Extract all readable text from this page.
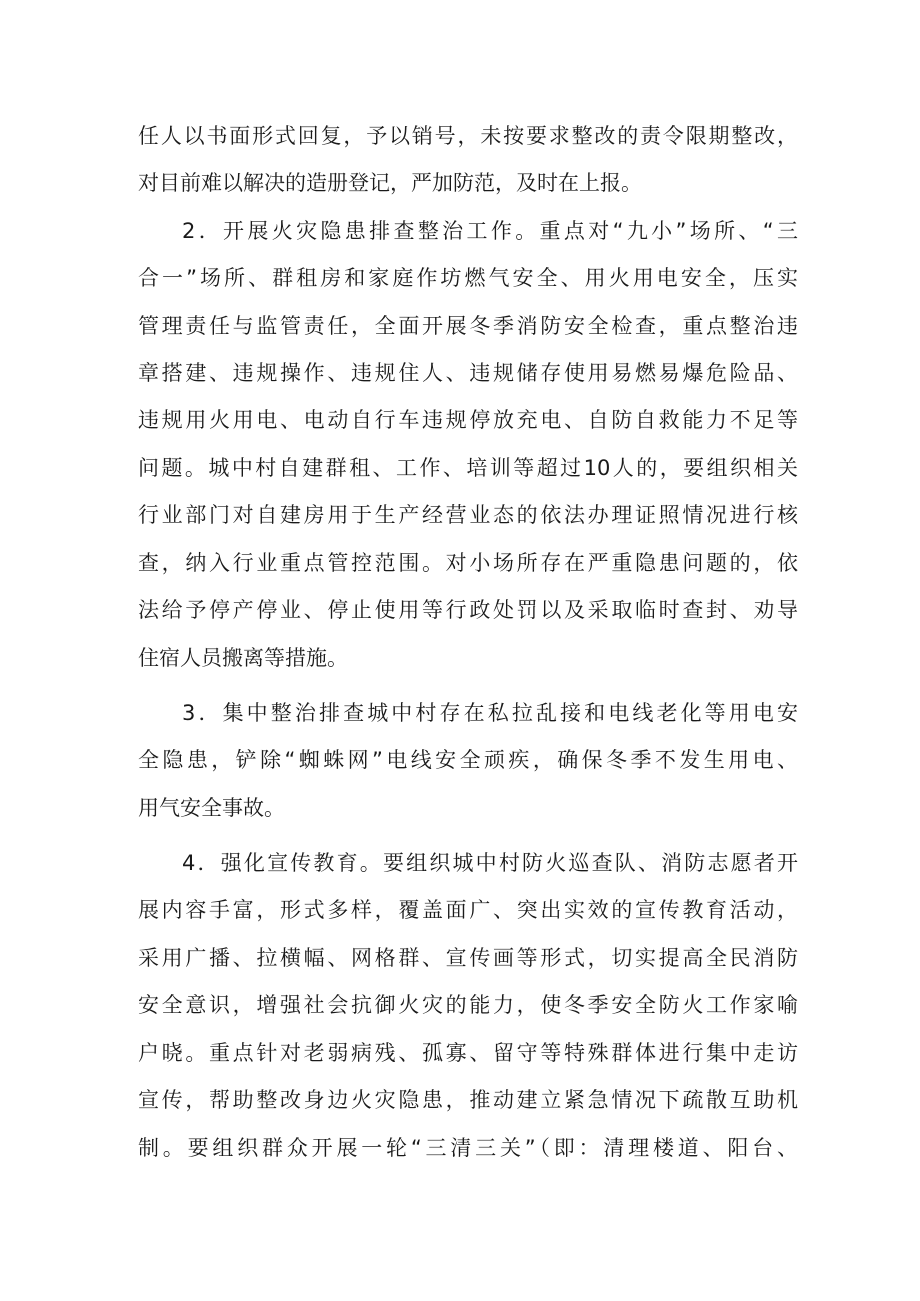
任人以书面形式回复，予以销号，未按要求整改的责令限期整改，
对目前难以解决的造册登记，严加防范，及时在上报。
2．开展火灾隐患排查整治工作。重点对“九小”场所、“三
合一”场所、群租房和家庭作坊燃气安全、用火用电安全，压实
管理责任与监管责任，全面开展冬季消防安全检查，重点整治违
章搭建、违规操作、违规住人、违规储存使用易燃易爆危险品、
违规用火用电、电动自行车违规停放充电、自防自救能力不足等
问题。城中村自建群租、工作、培训等超过10人的，要组织相关
行业部门对自建房用于生产经营业态的依法办理证照情况进行核
查，纳入行业重点管控范围。对小场所存在严重隐患问题的，依
法给予停产停业、停止使用等行政处罚以及采取临时查封、劝导
住宿人员搬离等措施。
3．集中整治排查城中村存在私拉乱接和电线老化等用电安
全隐患，铲除“蜘蛛网”电线安全顽疾，确保冬季不发生用电、
用气安全事故。
4．强化宣传教育。要组织城中村防火巡查队、消防志愿者开
展内容手富，形式多样，覆盖面广、突出实效的宣传教育活动，
采用广播、拉横幅、网格群、宣传画等形式，切实提高全民消防
安全意识，增强社会抗御火灾的能力，使冬季安全防火工作家喻
户晓。重点针对老弱病残、孤寡、留守等特殊群体进行集中走访
宣传，帮助整改身边火灾隐患，推动建立紧急情况下疏散互助机
制。要组织群众开展一轮“三清三关”（即：清理楼道、阳台、
